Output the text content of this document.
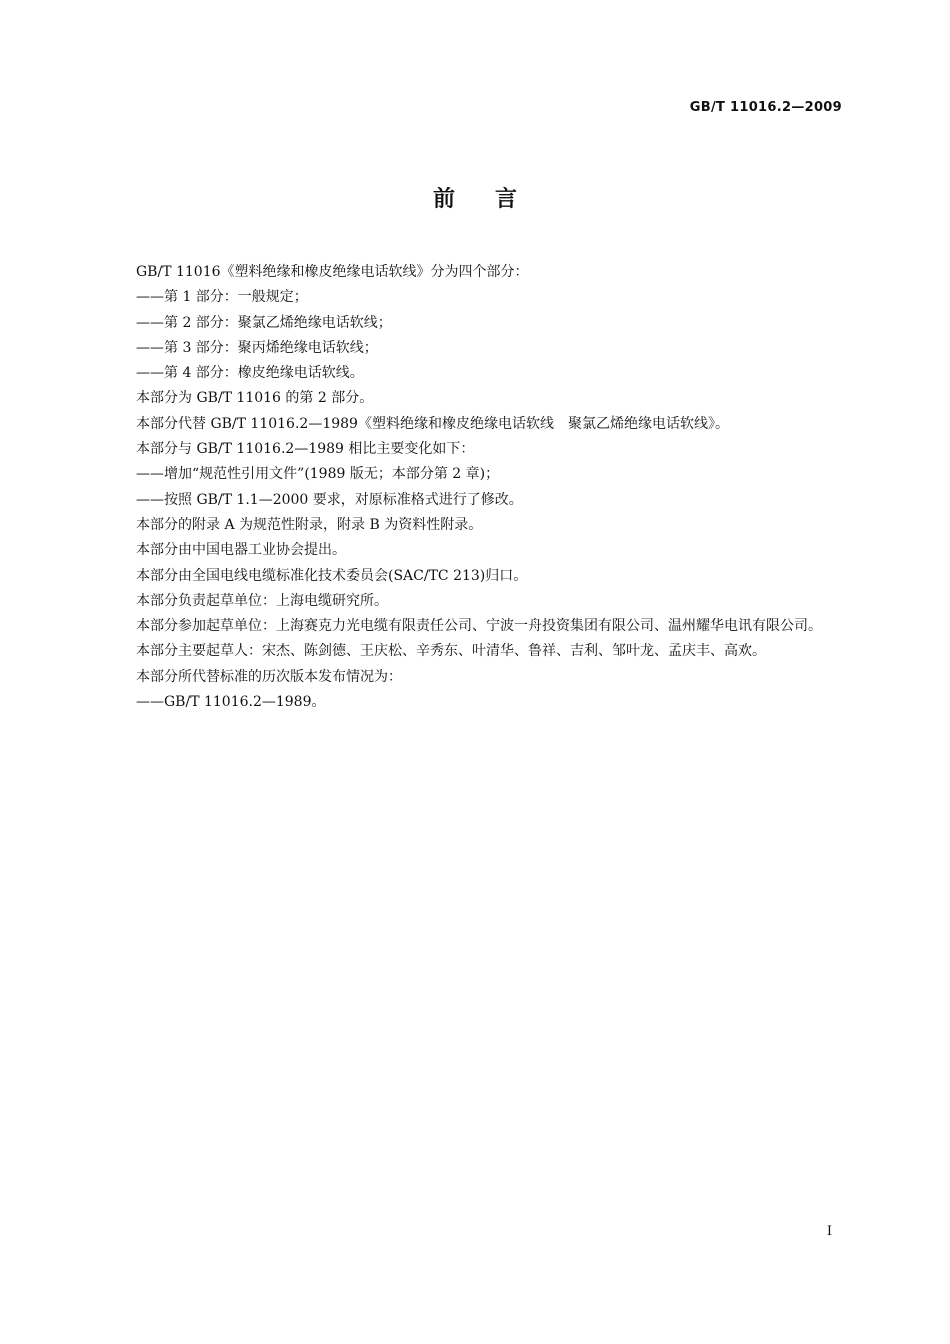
GB/T 11016.2—2009
前言

GB/T 11016《塑料绝缘和橡皮绝缘电话软线》分为四个部分：

——第 1 部分：一般规定；

——第 2 部分：聚氯乙烯绝缘电话软线；

——第 3 部分：聚丙烯绝缘电话软线；

——第 4 部分：橡皮绝缘电话软线。

本部分为 GB/T 11016 的第 2 部分。

本部分代替 GB/T 11016.2—1989《塑料绝缘和橡皮绝缘电话软线　聚氯乙烯绝缘电话软线》。

本部分与 GB/T 11016.2—1989 相比主要变化如下：

——增加“规范性引用文件”(1989 版无；本部分第 2 章)；

——按照 GB/T 1.1—2000 要求，对原标准格式进行了修改。

本部分的附录 A 为规范性附录，附录 B 为资料性附录。

本部分由中国电器工业协会提出。

本部分由全国电线电缆标准化技术委员会(SAC/TC 213)归口。

本部分负责起草单位：上海电缆研究所。

本部分参加起草单位：上海赛克力光电缆有限责任公司、宁波一舟投资集团有限公司、温州耀华电讯有限公司。

本部分主要起草人：宋杰、陈剑德、王庆松、辛秀东、叶清华、鲁祥、吉利、邹叶龙、孟庆丰、高欢。

本部分所代替标准的历次版本发布情况为：

——GB/T 11016.2—1989。

I
